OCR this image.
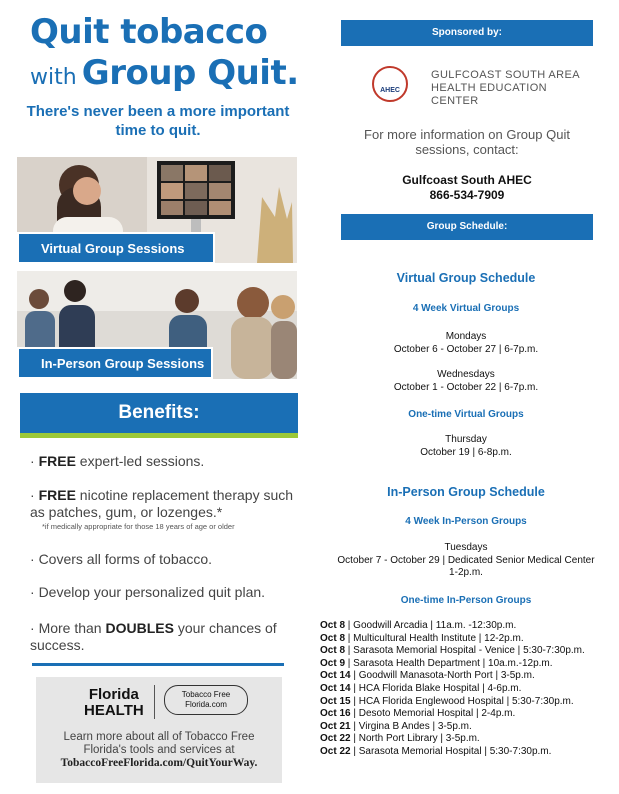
Quit tobacco
with Group Quit.
There's never been a more important time to quit.
Virtual Group Sessions
In-Person Group Sessions
Benefits:
· FREE expert-led sessions.
· FREE nicotine replacement therapy such as patches, gum, or lozenges.*
*if medically appropriate for those 18 years of age or older
· Covers all forms of tobacco.
· Develop your personalized quit plan.
· More than DOUBLES your chances of success.
Florida
HEALTH
Tobacco Free
Florida.com
Learn more about all of Tobacco Free Florida's tools and services at
TobaccoFreeFlorida.com/QuitYourWay.
Sponsored by:
AHEC
GULFCOAST SOUTH AREA HEALTH EDUCATION CENTER
For more information on Group Quit sessions, contact:
Gulfcoast South AHEC
866-534-7909
Group Schedule:
Virtual Group Schedule
4 Week Virtual Groups
Mondays
October 6 - October 27 | 6-7p.m.
Wednesdays
October 1 - October 22 | 6-7p.m.
One-time Virtual Groups
Thursday
October 19 | 6-8p.m.
In-Person Group Schedule
4 Week In-Person Groups
Tuesdays
October 7 - October 29 | Dedicated Senior Medical Center
1-2p.m.
One-time In-Person Groups
Oct 8 | Goodwill Arcadia | 11a.m. -12:30p.m.
Oct 8 | Multicultural Health Institute | 12-2p.m.
Oct 8 | Sarasota Memorial Hospital - Venice | 5:30-7:30p.m.
Oct 9 | Sarasota Health Department | 10a.m.-12p.m.
Oct 14 | Goodwill Manasota-North Port | 3-5p.m.
Oct 14 | HCA Florida Blake Hospital | 4-6p.m.
Oct 15 | HCA Florida Englewood Hospital | 5:30-7:30p.m.
Oct 16 | Desoto Memorial Hospital | 2-4p.m.
Oct 21 | Virgina B Andes | 3-5p.m.
Oct 22 | North Port Library | 3-5p.m.
Oct 22 | Sarasota Memorial Hospital | 5:30-7:30p.m.
